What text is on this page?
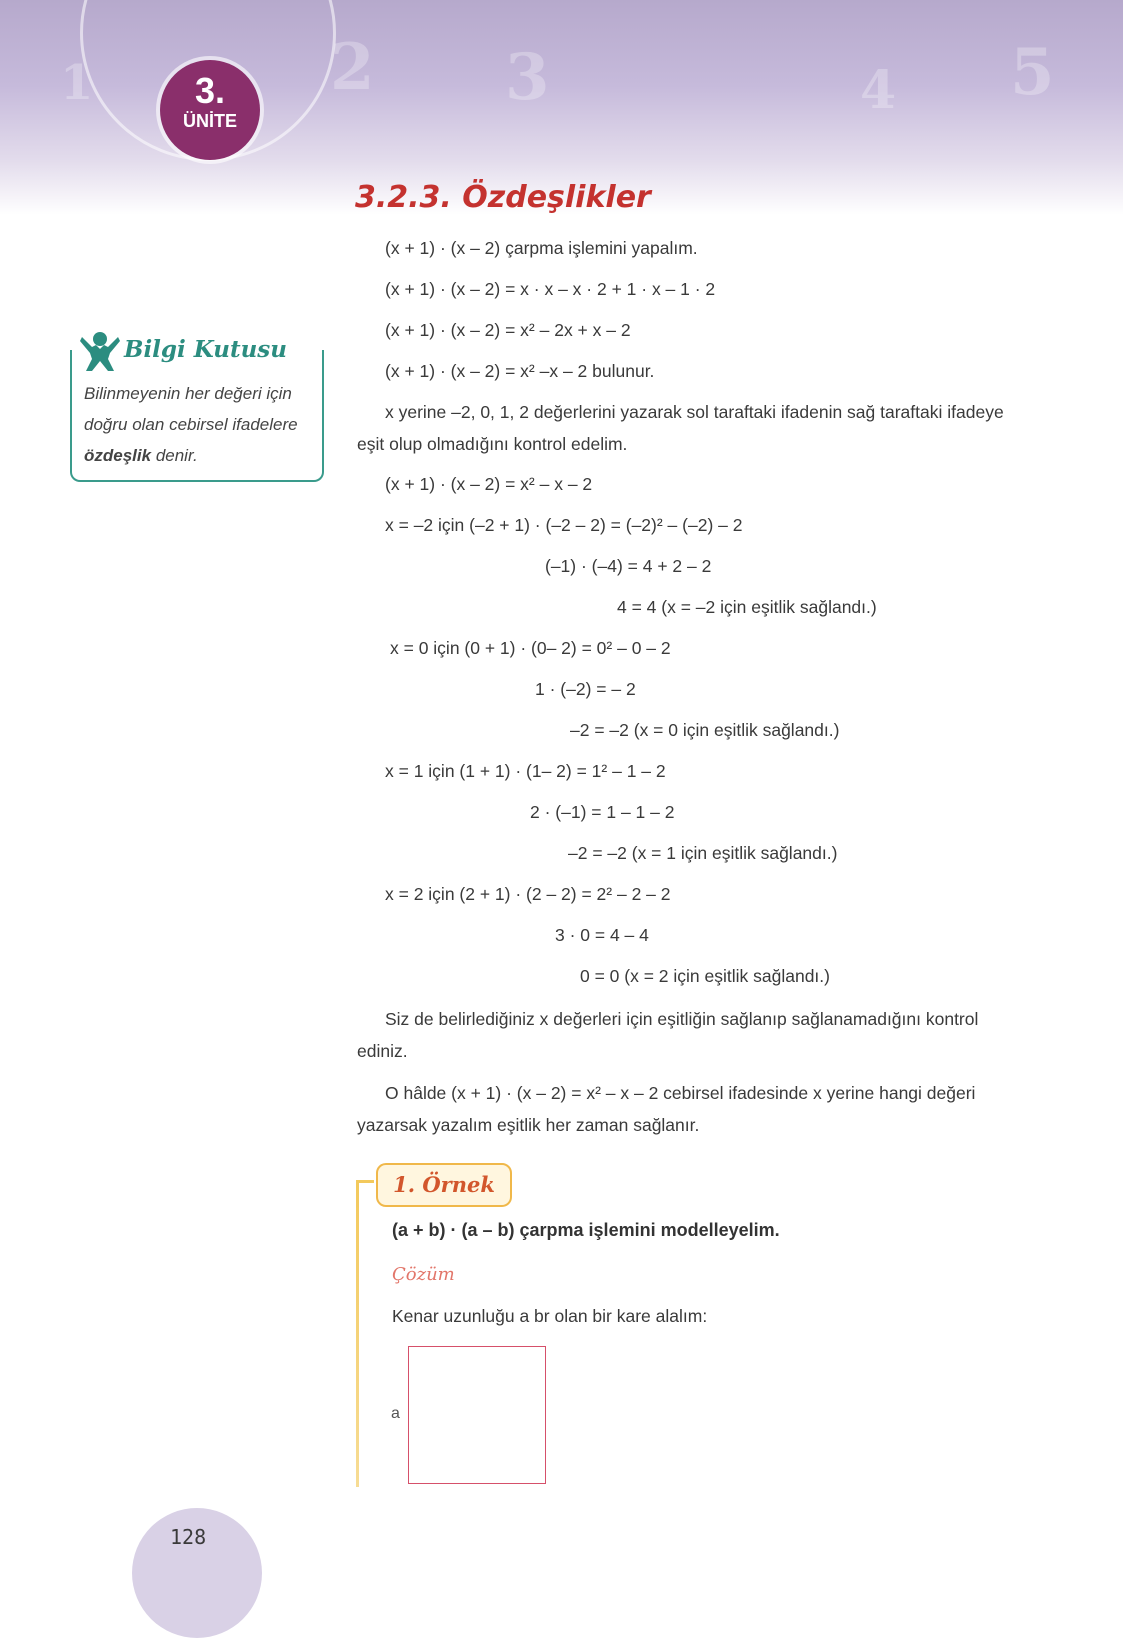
2
1	3	4 5
3.
ÜNİTE
3.2.3. Özdeşlikler
Bilgi Kutusu

Bilinmeyenin her değeri için doğru olan cebirsel ifadelere özdeşlik denir.

(x + 1) · (x – 2) çarpma işlemini yapalım.
(x + 1) · (x – 2) = x · x – x · 2 + 1 · x – 1 · 2
(x + 1) · (x – 2) = x² – 2x + x – 2
(x + 1) · (x – 2) = x² –x – 2 bulunur.

x yerine –2, 0, 1, 2 değerlerini yazarak sol taraftaki ifadenin sağ taraftaki ifadeye eşit olup olmadığını kontrol edelim.

(x + 1) · (x – 2) = x² – x – 2
x = –2 için (–2 + 1) · (–2 – 2) = (–2)² – (–2) – 2
(–1) · (–4) = 4 + 2 – 2
4 = 4 (x = –2 için eşitlik sağlandı.)
x = 0 için (0 + 1) · (0– 2) = 0² – 0 – 2
1 · (–2) = – 2
–2 = –2 (x = 0 için eşitlik sağlandı.)
x = 1 için (1 + 1) · (1– 2) = 1² – 1 – 2
2 · (–1) = 1 – 1 – 2
–2 = –2 (x = 1 için eşitlik sağlandı.)
x = 2 için (2 + 1) · (2 – 2) = 2² – 2 – 2
3 · 0 = 4 – 4
0 = 0 (x = 2 için eşitlik sağlandı.)

Siz de belirlediğiniz x değerleri için eşitliğin sağlanıp sağlanamadığını kontrol ediniz.

O hâlde (x + 1) · (x – 2) = x² – x – 2 cebirsel ifadesinde x yerine hangi değeri yazarsak yazalım eşitlik her zaman sağlanır.

1. Örnek
(a + b) · (a – b) çarpma işlemini modelleyelim.
Çözüm
Kenar uzunluğu a br olan bir kare alalım:
a
128
